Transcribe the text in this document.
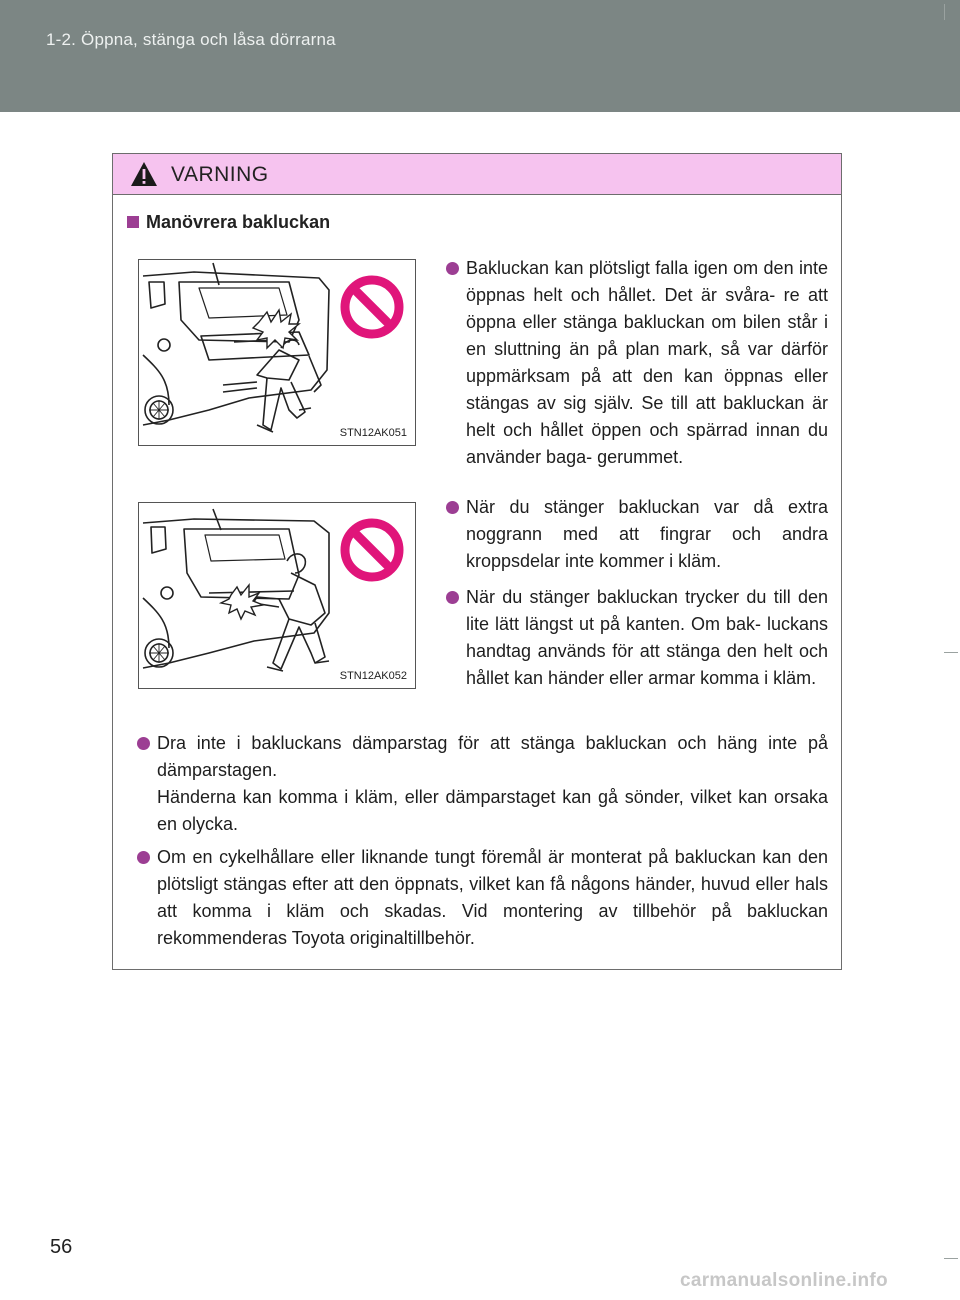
1-2. Öppna, stänga och låsa dörrarna
VARNING
Manövrera bakluckan
STN12AK051
STN12AK052
Bakluckan kan plötsligt falla igen om den inte öppnas helt och hållet. Det är svåra- re att öppna eller stänga bakluckan om bilen står i en sluttning än på plan mark, så var därför uppmärksam på att den kan öppnas eller stängas av sig själv. Se till att bakluckan är helt och hållet öppen och spärrad innan du använder baga- gerummet.
När du stänger bakluckan var då extra noggrann med att fingrar och andra kroppsdelar inte kommer i kläm.
När du stänger bakluckan trycker du till den lite lätt längst ut på kanten. Om bak- luckans handtag används för att stänga den helt och hållet kan händer eller armar komma i kläm.
Dra inte i bakluckans dämparstag för att stänga bakluckan och häng inte på dämparstagen.
Händerna kan komma i kläm, eller dämparstaget kan gå sönder, vilket kan orsaka en olycka.
Om en cykelhållare eller liknande tungt föremål är monterat på bakluckan kan den plötsligt stängas efter att den öppnats, vilket kan få någons händer, huvud eller hals att komma i kläm och skadas. Vid montering av tillbehör på bakluckan rekommenderas Toyota originaltillbehör.
56
carmanualsonline.info
